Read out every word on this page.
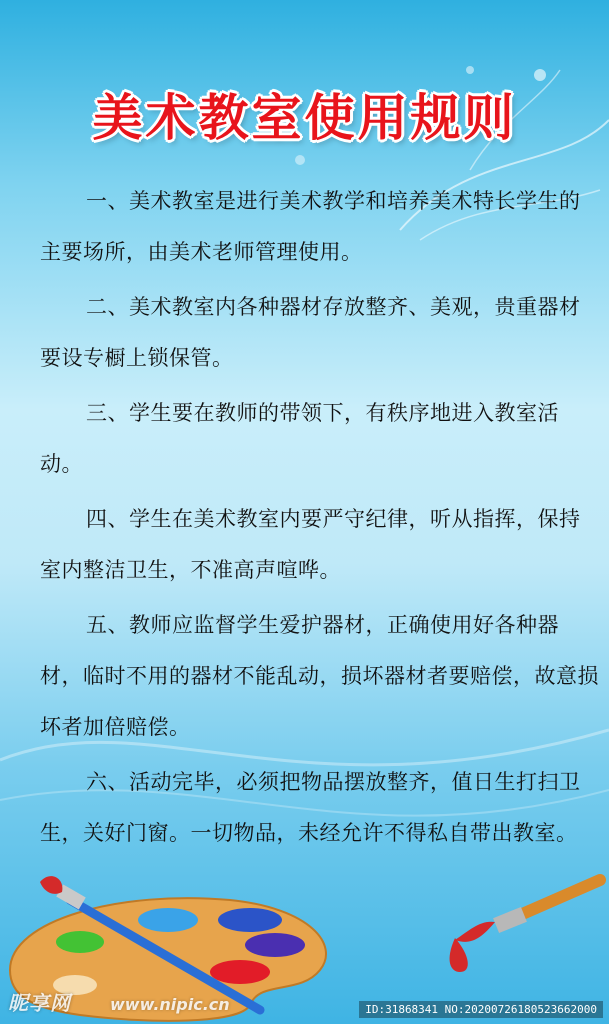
美术教室使用规则

一、美术教室是进行美术教学和培养美术特长学生的主要场所，由美术老师管理使用。

二、美术教室内各种器材存放整齐、美观，贵重器材要设专橱上锁保管。

三、学生要在教师的带领下，有秩序地进入教室活动。

四、学生在美术教室内要严守纪律，听从指挥，保持室内整洁卫生，不准高声喧哗。

五、教师应监督学生爱护器材，正确使用好各种器材，临时不用的器材不能乱动，损坏器材者要赔偿，故意损坏者加倍赔偿。

六、活动完毕，必须把物品摆放整齐，值日生打扫卫生，关好门窗。一切物品，未经允许不得私自带出教室。

昵享网 www.nipic.cn	ID:31868341 NO:20200726180523662000
